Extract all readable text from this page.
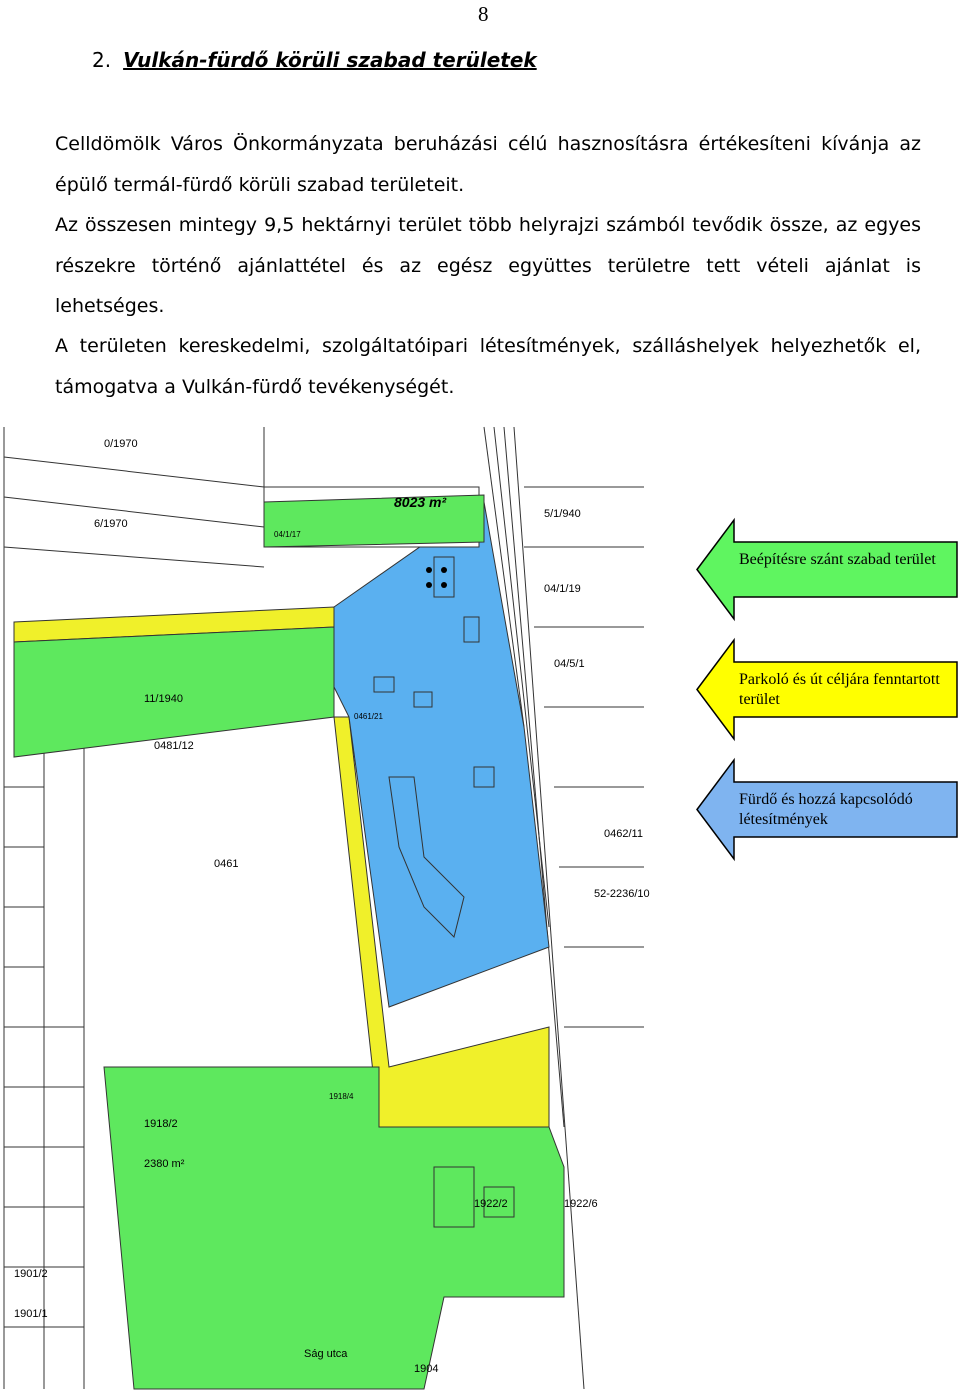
8
2. Vulkán-fürdő körüli szabad területek

Celldömölk Város Önkormányzata beruházási célú hasznosításra értékesíteni kívánja az épülő termál-fürdő körüli szabad területeit.

Az összesen mintegy 9,5 hektárnyi terület több helyrajzi számból tevődik össze, az egyes részekre történő ajánlattétel és az egész együttes területre tett vételi ajánlat is lehetséges.

A területen kereskedelmi, szolgáltatóipari létesítmények, szálláshelyek helyezhetők el, támogatva a Vulkán-fürdő tevékenységét.

8023 m²
0/1970
6/1970
04/1/17
5/1/940
04/1/19
04/5/1
11/1940
0481/12
0461/21
1918/4
0461
1918/2
2380 m²
Ság utca
1922/2	1922/6
1901/2
1901/1
1904
0462/11
52-2236/10
Beépítésre szánt szabad terület
Parkoló és út céljára fenntartott terület
Fürdő és hozzá kapcsolódó létesítmények
